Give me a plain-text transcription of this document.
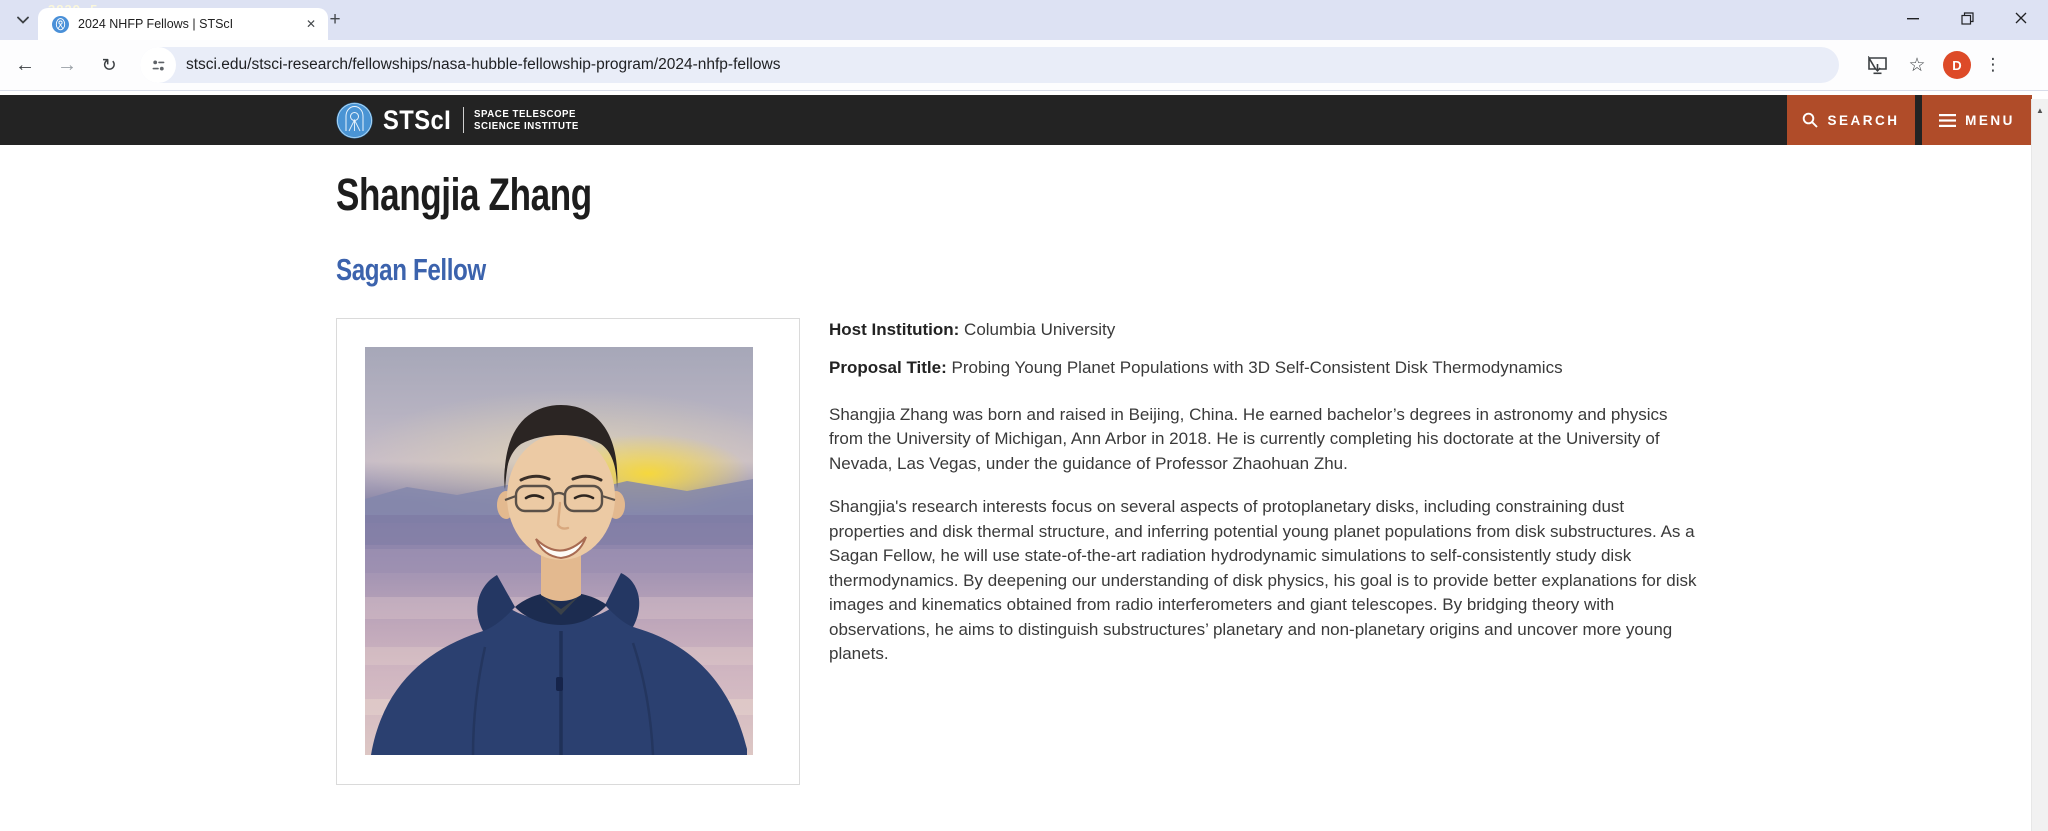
2024 NHFP Fellows | STScI	✕ +
←	→	↻	stsci.edu/stsci-research/fellowships/nasa-hubble-fellowship-program/2024-nhfp-fellows	☆	D	⋮
▲
STScI SPACE TELESCOPE
SCIENCE INSTITUTE	SEARCH	MENU
Shangjia Zhang
Sagan Fellow

Host Institution: Columbia University

Proposal Title: Probing Young Planet Populations with 3D Self-Consistent Disk Thermodynamics

Shangjia Zhang was born and raised in Beijing, China. He earned bachelor’s degrees in astronomy and physics from the University of Michigan, Ann Arbor in 2018. He is currently completing his doctorate at the University of Nevada, Las Vegas, under the guidance of Professor Zhaohuan Zhu.

Shangjia's research interests focus on several aspects of protoplanetary disks, including constraining dust properties and disk thermal structure, and inferring potential young planet populations from disk substructures. As a Sagan Fellow, he will use state-of-the-art radiation hydrodynamic simulations to self-consistently study disk thermodynamics. By deepening our understanding of disk physics, his goal is to provide better explanations for disk images and kinematics obtained from radio interferometers and giant telescopes. By bridging theory with observations, he aims to distinguish substructures’ planetary and non-planetary origins and uncover more young planets.
